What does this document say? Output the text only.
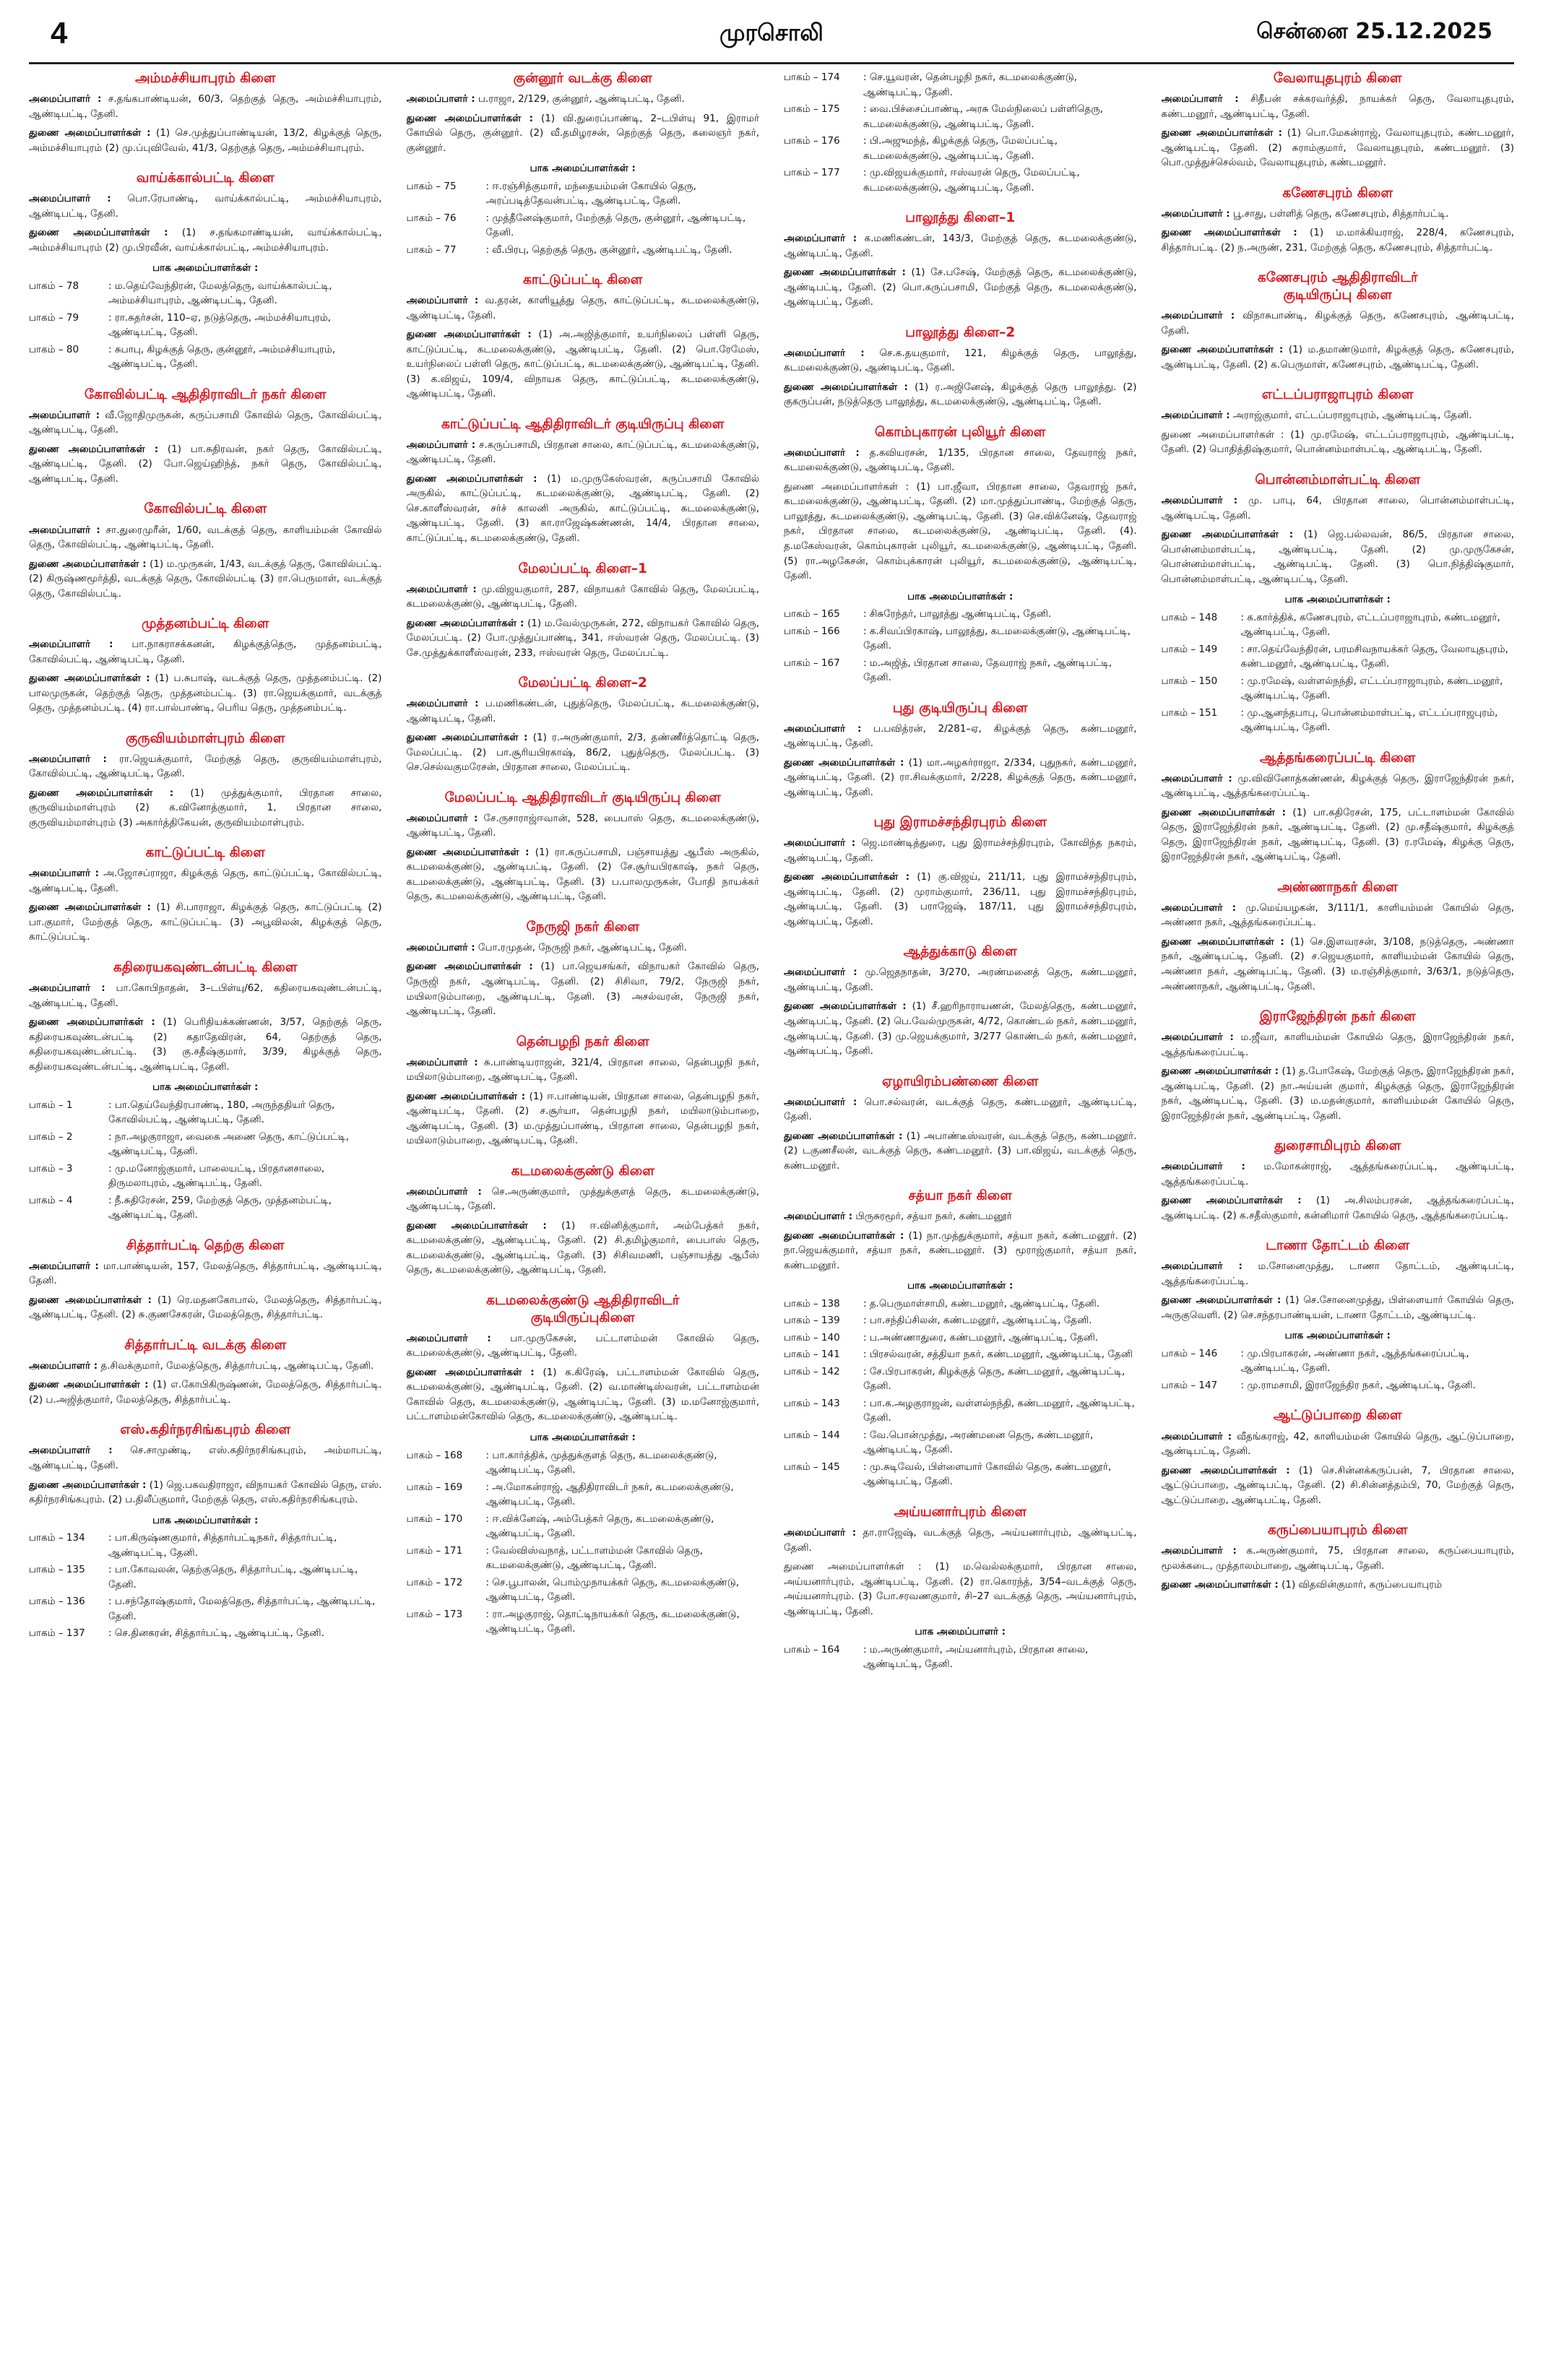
4	முரசொலி	சென்னை 25.12.2025
அம்மச்சியாபுரம் கிளை

அமைப்பாளர் : ச.தங்கபாண்டியன், 60/3, தெற்குத் தெரு, அம்மச்சியாபுரம், ஆண்டிபட்டி, தேனி.

துணை அமைப்பாளர்கள் : (1) செ.முத்துப்பாண்டியன், 13/2, கிழக்குத் தெரு, அம்மச்சியாபுரம் (2) மு.ப்புவிவேல், 41/3, தெற்குத் தெரு, அம்மச்சியாபுரம்.

வாய்க்கால்பட்டி கிளை

அமைப்பாளர் : பொ.ரேபாண்டி, வாய்க்கால்பட்டி, அம்மச்சியாபுரம், ஆண்டிபட்டி, தேனி.

துணை அமைப்பாளர்கள் : (1) ச.தங்கமாண்டியன், வாய்க்கால்பட்டி, அம்மச்சியாபுரம் (2) மு.பிரவீன், வாய்க்கால்பட்டி, அம்மச்சியாபுரம்.

பாக அமைப்பாளர்கள் :
பாகம் – 78	: ம.தெய்வேந்திரன், மேலத்தெரு, வாய்க்கால்பட்டி, அம்மச்சியாபுரம், ஆண்டிபட்டி, தேனி.
பாகம் – 79	: ரா.சுதர்சன், 110–ஏ, நடுத்தெரு, அம்மச்சியாபுரம், ஆண்டிபட்டி, தேனி.
பாகம் – 80	: சுபாபு, கிழக்குத் தெரு, குன்னூர், அம்மச்சியாபுரம், ஆண்டிபட்டி, தேனி.
கோவில்பட்டி ஆதிதிராவிடர் நகர் கிளை

அமைப்பாளர் : வீ.ஜோதிமுருகன், கருப்பசாமி கோவில் தெரு, கோவில்பட்டி, ஆண்டிபட்டி, தேனி.

துணை அமைப்பாளர்கள் : (1) பா.சுதிரவன், நகர் தெரு, கோவில்பட்டி, ஆண்டிபட்டி, தேனி. (2) போ.ஜெய்ஹிந்த், நகர் தெரு, கோவில்பட்டி, ஆண்டிபட்டி, தேனி.

கோவில்பட்டி கிளை

அமைப்பாளர் : சா.துரைமுரீன், 1/60, வடக்குத் தெரு, காளியம்மன் கோவில் தெரு, கோவில்பட்டி, ஆண்டிபட்டி, தேனி.

துணை அமைப்பாளர்கள் : (1) ம.முருகன், 1/43, வடக்குத் தெரு, கோவில்பட்டி. (2) கிருஷ்ணமூர்த்தி, வடக்குத் தெரு, கோவில்பட்டி (3) ரா.பெருமாள், வடக்குத் தெரு, கோவில்பட்டி.

முத்தனம்பட்டி கிளை

அமைப்பாளர் : பா.நாகராசக்கனன், கிழக்குத்தெரு, முத்தனம்பட்டி, கோவில்பட்டி, ஆண்டிபட்டி, தேனி.

துணை அமைப்பாளர்கள் : (1) ப.சுபாஷ், வடக்குத் தெரு, முத்தனம்பட்டி. (2) பாலமுருகன், தெற்குத் தெரு, முத்தனம்பட்டி. (3) ரா.ஜெயக்குமார், வடக்குத் தெரு, முத்தனம்பட்டி. (4) ரா.பால்பாண்டி, பெரிய தெரு, முத்தனம்பட்டி.

குருவியம்மாள்புரம் கிளை

அமைப்பாளர் : ரா.ஜெயக்குமார், மேற்குத் தெரு, குருவியம்மாள்புரம், கோவில்பட்டி, ஆண்டிபட்டி, தேனி.

துணை அமைப்பாளர்கள் : (1) முத்துக்குமார், பிரதான சாலை, குருவியம்மாள்புரம் (2) க.வினோத்குமார், 1, பிரதான சாலை, குருவியம்மாள்புரம் (3) அகார்த்திகேயன், குருவியம்மாள்புரம்.

காட்டுப்பட்டி கிளை

அமைப்பாளர் : அ.ஜோசப்ராஜா, கிழக்குத் தெரு, காட்டுப்பட்டி, கோவில்பட்டி, ஆண்டிபட்டி, தேனி.

துணை அமைப்பாளர்கள் : (1) சி.பாராஜா, கிழக்குத் தெரு, காட்டுப்பட்டி (2) பா.குமார், மேற்குத் தெரு, காட்டுப்பட்டி. (3) அபூவிலன், கிழக்குத் தெரு, காட்டுப்பட்டி.

கதிரையகவுண்டன்பட்டி கிளை

அமைப்பாளர் : பா.கோபிநாதன், 3–டபிள்யு/62, கதிரையகவுண்டன்பட்டி, ஆண்டிபட்டி, தேனி.

துணை அமைப்பாளர்கள் : (1) பெரிதியக்கண்ணன், 3/57, தெற்குத் தெரு, கதிரையகவுண்டன்பட்டி (2) கதாதேவிரன், 64, தெற்குத் தெரு, கதிரையகவுண்டன்பட்டி. (3) கு.சதீஷ்குமார், 3/39, கிழக்குத் தெரு, கதிரையகவுண்டன்பட்டி, ஆண்டிபட்டி, தேனி.

பாக அமைப்பாளர்கள் :
பாகம் – 1	: பா.தெய்வேந்திரபாண்டி, 180, அருந்ததியர் தெரு, கோவில்பட்டி, ஆண்டிபட்டி, தேனி.
பாகம் – 2	: நா.அழகுராஜா, வைகை அணை தெரு, காட்டுப்பட்டி, ஆண்டிபட்டி, தேனி.
பாகம் – 3	: மு.மனோஜ்குமார், பாலையட்டி, பிரதானசாலை, திருமலாபுரம், ஆண்டிபட்டி, தேனி.
பாகம் – 4	: நீ.சுதிரேசன், 259, மேற்குத் தெரு, முத்தனம்பட்டி, ஆண்டிபட்டி, தேனி.
சித்தார்பட்டி தெற்கு கிளை

அமைப்பாளர் : மா.பாண்டியன், 157, மேலத்தெரு, சித்தார்பட்டி, ஆண்டிபட்டி, தேனி.

துணை அமைப்பாளர்கள் : (1) ரெ.மதனகோபால், மேலத்தெரு, சித்தார்பட்டி, ஆண்டிபட்டி, தேனி. (2) சு.குணசேகரன், மேலத்தெரு, சித்தார்பட்டி.

சித்தார்பட்டி வடக்கு கிளை

அமைப்பாளர் : த.சிவக்குமார், மேலத்தெரு, சித்தார்பட்டி, ஆண்டிபட்டி, தேனி.

துணை அமைப்பாளர்கள் : (1) எ.கோபிகிருஷ்ணன், மேலத்தெரு, சித்தார்பட்டி. (2) ப.அஜித்குமார், மேலத்தெரு, சித்தார்பட்டி.

எஸ்.கதிர்நரசிங்கபுரம் கிளை

அமைப்பாளர் : செ.சாமுண்டி, எஸ்.கதிர்நரசிங்கபுரம், அம்மாபட்டி, ஆண்டிபட்டி, தேனி.

துணை அமைப்பாளர்கள் : (1) ஜெ.பகவதிராஜா, விநாயகர் கோவில் தெரு, எஸ். கதிர்நரசிங்கபுரம். (2) ப.திலீப்குமார், மேற்குத் தெரு, எஸ்.கதிர்நரசிங்கபுரம்.

பாக அமைப்பாளர்கள் :
பாகம் – 134	: பா.கிருஷ்ணகுமார், சித்தார்பட்டிநகர், சித்தார்பட்டி, ஆண்டிபட்டி, தேனி.
பாகம் – 135	: பா.கோவலன், தெற்குதெரு, சித்தார்பட்டி, ஆண்டிபட்டி, தேனி.
பாகம் – 136	: ப.சந்தோஷ்குமார், மேலத்தெரு, சித்தார்பட்டி, ஆண்டிபட்டி, தேனி.
பாகம் – 137	: செ.தினகரன், சித்தார்பட்டி, ஆண்டிபட்டி, தேனி.
குன்னூர் வடக்கு கிளை

அமைப்பாளர் : ப.ராஜா, 2/129, குன்னூர், ஆண்டிபட்டி, தேனி.

துணை அமைப்பாளர்கள் : (1) வி.துரைப்பாண்டி, 2–டபிள்யு 91, இராமர் கோயில் தெரு, குன்னூர். (2) வீ.தமிழரசன், தெற்குத் தெரு, கலைஞர் நகர், குன்னூர்.

பாக அமைப்பாளர்கள் :
பாகம் – 75	: ஈ.ரஞ்சித்குமார், மந்தையம்மன் கோயில் தெரு, அரப்படித்தேவன்பட்டி, ஆண்டிபட்டி, தேனி.
பாகம் – 76	: முத்தீனேஷ்குமார், மேற்குத் தெரு, குன்னூர், ஆண்டிபட்டி, தேனி.
பாகம் – 77	: வீ.பிரபு, தெற்குத் தெரு, குன்னூர், ஆண்டிபட்டி, தேனி.
காட்டுப்பட்டி கிளை

அமைப்பாளர் : வ.தரன், காளியூத்து தெரு, காட்டுப்பட்டி, கடமலைக்குண்டு, ஆண்டிபட்டி, தேனி.

துணை அமைப்பாளர்கள் : (1) அ.அஜித்குமார், உயர்நிலைப் பள்ளி தெரு, காட்டுப்பட்டி, கடமலைக்குண்டு, ஆண்டிபட்டி, தேனி. (2) பொ.ரேமேஸ், உயர்நிலைப் பள்ளி தெரு, காட்டுப்பட்டி, கடமலைக்குண்டு, ஆண்டிபட்டி, தேனி. (3) க.விஜய், 109/4, விநாயக தெரு, காட்டுப்பட்டி, கடமலைக்குண்டு, ஆண்டிபட்டி, தேனி.

காட்டுப்பட்டி ஆதிதிராவிடர் குடியிருப்பு கிளை

அமைப்பாளர் : ச.கருப்பசாமி, பிரதான சாலை, காட்டுப்பட்டி, கடமலைக்குண்டு, ஆண்டிபட்டி, தேனி.

துணை அமைப்பாளர்கள் : (1) ம.முருகேஸ்வரன், கருப்பசாமி கோவில் அருகில், காட்டுப்பட்டி, கடமலைக்குண்டு, ஆண்டிபட்டி, தேனி. (2) செ.காளீஸ்வரன், சர்ச் காலனி அருகில், காட்டுப்பட்டி, கடமலைக்குண்டு, ஆண்டிபட்டி, தேனி. (3) கா.ராஜேஷ்கண்ணன், 14/4, பிரதான சாலை, காட்டுப்பட்டி, கடமலைக்குண்டு, தேனி.

மேலப்பட்டி கிளை–1

அமைப்பாளர் : மு.விஜயகுமார், 287, விநாயகர் கோவில் தெரு, மேலப்பட்டி, கடமலைக்குண்டு, ஆண்டிபட்டி, தேனி.

துணை அமைப்பாளர்கள் : (1) ம.வேல்முருகன், 272, விநாயகர் கோவில் தெரு, மேலப்பட்டி. (2) போ.முத்துப்பாண்டி, 341, ஈஸ்வரன் தெரு, மேலப்பட்டி. (3) சே.முத்துக்காளீஸ்வரன், 233, ஈஸ்வரன் தெரு, மேலப்பட்டி.

மேலப்பட்டி கிளை–2

அமைப்பாளர் : ப.மணிகண்டன், புதுத்தெரு, மேலப்பட்டி, கடமலைக்குண்டு, ஆண்டிபட்டி, தேனி.

துணை அமைப்பாளர்கள் : (1) ர.அருண்குமார், 2/3, தண்ணீர்த்தொட்டி தெரு, மேலப்பட்டி. (2) பா.சூரியபிரகாஷ், 86/2, புதுத்தெரு, மேலப்பட்டி. (3) செ.செல்வகுமரேசன், பிரதான சாலை, மேலப்பட்டி.

மேலப்பட்டி ஆதிதிராவிடர் குடியிருப்பு கிளை

அமைப்பாளர் : சே.ருசாராஜ்ஈவான், 528, பைபாஸ் தெரு, கடமலைக்குண்டு, ஆண்டிபட்டி, தேனி.

துணை அமைப்பாளர்கள் : (1) ரா.கருப்பசாமி, பஞ்சாயத்து ஆபீஸ் அருகில், கடமலைக்குண்டு, ஆண்டிபட்டி, தேனி. (2) சே.சூர்யபிரகாஷ், நகர் தெரு, கடமலைக்குண்டு, ஆண்டிபட்டி, தேனி. (3) ப.பாலமுருகன், போதி நாயக்கர் தெரு, கடமலைக்குண்டு, ஆண்டிபட்டி, தேனி.

நேருஜி நகர் கிளை

அமைப்பாளர் : போ.ரமுதன், நேருஜி நகர், ஆண்டிபட்டி, தேனி.

துணை அமைப்பாளர்கள் : (1) பா.ஜெயசங்கர், விநாயகர் கோவில் தெரு, நேருஜி நகர், ஆண்டிபட்டி, தேனி. (2) சிசிவா, 79/2, நேருஜி நகர், மயிலாடும்பாறை, ஆண்டிபட்டி, தேனி. (3) அசல்வரன், நேருஜி நகர், ஆண்டிபட்டி, தேனி.

தென்பழநி நகர் கிளை

அமைப்பாளர் : சு.பாண்டியராஜன், 321/4, பிரதான சாலை, தென்பழநி நகர், மயிலாடும்பாறை, ஆண்டிபட்டி, தேனி.

துணை அமைப்பாளர்கள் : (1) ஈ.பாண்டியன், பிரதான சாலை, தென்பழநி நகர், ஆண்டிபட்டி, தேனி. (2) ச.சூர்யா, தென்பழநி நகர், மயிலாடும்பாறை, ஆண்டிபட்டி, தேனி. (3) ம.முத்துப்பாண்டி, பிரதான சாலை, தென்பழநி நகர், மயிலாடும்பாறை, ஆண்டிபட்டி, தேனி.

கடமலைக்குண்டு கிளை

அமைப்பாளர் : செ.அருண்குமார், முத்துக்குளத் தெரு, கடமலைக்குண்டு, ஆண்டிபட்டி, தேனி.

துணை அமைப்பாளர்கள் : (1) ஈ.வினித்குமார், அம்பேத்கர் நகர், கடமலைக்குண்டு, ஆண்டிபட்டி, தேனி. (2) சி.தமிழ்குமார், பைபாஸ் தெரு, கடமலைக்குண்டு, ஆண்டிபட்டி, தேனி. (3) சிசிவமணி, பஞ்சாயத்து ஆபீஸ் தெரு, கடமலைக்குண்டு, ஆண்டிபட்டி, தேனி.

கடமலைக்குண்டு ஆதிதிராவிடர்
குடியிருப்புகிளை

அமைப்பாளர் : பா.முருகேசன், பட்டாளம்மன் கோவில் தெரு, கடமலைக்குண்டு, ஆண்டிபட்டி, தேனி.

துணை அமைப்பாளர்கள் : (1) க.கிரேஷ், பட்டாளம்மன் கோவில் தெரு, கடமலைக்குண்டு, ஆண்டிபட்டி, தேனி. (2) வ.மாண்டிஸ்வரன், பட்டாளம்மன் கோவில் தெரு, கடமலைக்குண்டு, ஆண்டிபட்டி, தேனி. (3) ம.மனோஜ்குமார், பட்டாளம்மன்கோவில் தெரு, கடமலைக்குண்டு, ஆண்டிபட்டி.

பாக அமைப்பாளர்கள் :
பாகம் – 168	: பா.கார்த்திக், முத்துக்குளத் தெரு, கடமலைக்குண்டு, ஆண்டிபட்டி, தேனி.
பாகம் – 169	: அ.மோகன்ராஜ், ஆதிதிராவிடர் நகர், கடமலைக்குண்டு, ஆண்டிபட்டி, தேனி.
பாகம் – 170	: ஈ.விக்னேஷ், அம்பேத்கர் தெரு, கடமலைக்குண்டு, ஆண்டிபட்டி, தேனி.
பாகம் – 171	: வேல்விஸ்வநாத், பட்டாளம்மன் கோவில் தெரு, கடமலைக்குண்டு, ஆண்டிபட்டி, தேனி.
பாகம் – 172	: செ.பூபாலன், பொம்முநாயக்கர் தெரு, கடமலைக்குண்டு, ஆண்டிபட்டி, தேனி.
பாகம் – 173	: ரா.அழகுராஜ், தொட்டிநாயக்கர் தெரு, கடமலைக்குண்டு, ஆண்டிபட்டி, தேனி.
பாகம் – 174	: செ.யூவரன், தென்பழநி நகர், கடமலைக்குண்டு, ஆண்டிபட்டி, தேனி.
பாகம் – 175	: வை.பிச்சைப்பாண்டி, அரசு மேல்நிலைப் பள்ளிதெரு, கடமலைக்குண்டு, ஆண்டிபட்டி, தேனி.
பாகம் – 176	: பி.அஜுமந்த், கிழக்குத் தெரு, மேலப்பட்டி, கடமலைக்குண்டு, ஆண்டிபட்டி, தேனி.
பாகம் – 177	: மு.விஜயக்குமார், ஈஸ்வரன் தெரு, மேலப்பட்டி, கடமலைக்குண்டு, ஆண்டிபட்டி, தேனி.
பாலூத்து கிளை–1

அமைப்பாளர் : க.மணிகண்டன், 143/3, மேற்குத் தெரு, கடமலைக்குண்டு, ஆண்டிபட்டி, தேனி.

துணை அமைப்பாளர்கள் : (1) சே.பசேஷ், மேற்குத் தெரு, கடமலைக்குண்டு, ஆண்டிபட்டி, தேனி. (2) பொ.கருப்பசாமி, மேற்குத் தெரு, கடமலைக்குண்டு, ஆண்டிபட்டி, தேனி.

பாலூத்து கிளை–2

அமைப்பாளர் : செ.க.தயகுமார், 121, கிழக்குத் தெரு, பாலூத்து, கடமலைக்குண்டு, ஆண்டிபட்டி, தேனி.

துணை அமைப்பாளர்கள் : (1) ர.அஜினேஷ், கிழக்குத் தெரு பாலூத்து. (2) குகருப்பன், நடுத்தெரு பாலூத்து, கடமலைக்குண்டு, ஆண்டிபட்டி, தேனி.

கொம்புகாரன் புலியூர் கிளை

அமைப்பாளர் : த.கவியரசன், 1/135, பிரதான சாலை, தேவராஜ் நகர், கடமலைக்குண்டு, ஆண்டிபட்டி, தேனி.

துணை அமைப்பாளர்கள் : (1) பா.ஜீவா, பிரதான சாலை, தேவராஜ் நகர், கடமலைக்குண்டு, ஆண்டிபட்டி, தேனி. (2) மா.முத்துப்பாண்டி, மேற்குத் தெரு, பாலூத்து, கடமலைக்குண்டு, ஆண்டிபட்டி, தேனி. (3) செ.விக்னேஷ், தேவராஜ் நகர், பிரதான சாலை, கடமலைக்குண்டு, ஆண்டிபட்டி, தேனி. (4). த.மகேஸ்வரன், கொம்புகாரன் புலியூர், கடமலைக்குண்டு, ஆண்டிபட்டி, தேனி. (5) ரா.அழகேசன், கொம்புக்காரன் புலியூர், கடமலைக்குண்டு, ஆண்டிபட்டி, தேனி.

பாக அமைப்பாளர்கள் :
பாகம் – 165	: சிசுரேந்தர், பாலூத்து ஆண்டிபட்டி, தேனி.
பாகம் – 166	: க.சிவப்பிரகாஷ், பாலூத்து, கடமலைக்குண்டு, ஆண்டிபட்டி, தேனி.
பாகம் – 167	: ம.அஜித், பிரதான சாலை, தேவராஜ் நகர், ஆண்டிபட்டி, தேனி.
புது குடியிருப்பு கிளை

அமைப்பாளர் : ப.பவித்ரன், 2/281–ஏ, கிழக்குத் தெரு, கண்டமனூர், ஆண்டிபட்டி, தேனி.

துணை அமைப்பாளர்கள் : (1) மா.அழகர்ராஜா, 2/334, புதுநகர், கண்டமனூர், ஆண்டிபட்டி, தேனி. (2) ரா.சிவக்குமார், 2/228, கிழக்குத் தெரு, கண்டமனூர், ஆண்டிபட்டி, தேனி.

புது இராமச்சந்திரபுரம் கிளை

அமைப்பாளர் : ஜெ.மாண்டித்துரை, புது இராமச்சந்திரபுரம், கோவிந்த நகரம், ஆண்டிபட்டி, தேனி.

துணை அமைப்பாளர்கள் : (1) கு.விஜய், 211/11, புது இராமச்சந்திரபுரம், ஆண்டிபட்டி, தேனி. (2) முராம்குமார், 236/11, புது இராமச்சந்திரபுரம், ஆண்டிபட்டி, தேனி. (3) பராஜேஷ், 187/11, புது இராமச்சந்திரபுரம், ஆண்டிபட்டி, தேனி.

ஆத்துக்காடு கிளை

அமைப்பாளர் : மு.ஜெதநாதன், 3/270, அரண்மனைத் தெரு, கண்டமனூர், ஆண்டிபட்டி, தேனி.

துணை அமைப்பாளர்கள் : (1) சீ.ஹரிநாராயணன், மேலத்தெரு, கண்டமனூர், ஆண்டிபட்டி, தேனி. (2) பெ.வேல்முருகன், 4/72, கொண்டல் நகர், கண்டமனூர், ஆண்டிபட்டி, தேனி. (3) மு.ஜெயக்குமார், 3/277 கொண்டல் நகர், கண்டமனூர், ஆண்டிபட்டி, தேனி.

ஏழாயிரம்பண்ணை கிளை

அமைப்பாளர் : பொ.சல்வரன், வடக்குத் தெரு, கண்டமனூர், ஆண்டிபட்டி, தேனி.

துணை அமைப்பாளர்கள் : (1) அபாண்டீஸ்வரன், வடக்குத் தெரு, கண்டமனூர். (2) டகுணசீலன், வடக்குத் தெரு, கண்டமனூர். (3) பா.விஜய், வடக்குத் தெரு, கண்டமனூர்.

சத்யா நகர் கிளை

அமைப்பாளர் : பிருசுரமூர், சத்யா நகர், கண்டமனூர்

துணை அமைப்பாளர்கள் : (1) நா.முத்துக்குமார், சத்யா நகர், கண்டமனூர். (2) நா.ஜெயக்குமார், சத்யா நகர், கண்டமனூர். (3) மூராஜ்குமார், சத்யா நகர், கண்டமனூர்.

பாக அமைப்பாளர்கள் :
பாகம் – 138	: த.பெருமாள்சாமி, கண்டமனூர், ஆண்டிபட்டி, தேனி.
பாகம் – 139	: பா.சந்திப்சிலன், கண்டமனூர், ஆண்டிபட்டி, தேனி.
பாகம் – 140	: ப.அண்ணாதுரை, கண்டமனூர், ஆண்டிபட்டி, தேனி.
பாகம் – 141	: பிரசல்வரன், சத்தியா நகர், கண்டமனூர், ஆண்டிபட்டி, தேனி
பாகம் – 142	: சே.பிரபாகரன், கிழக்குத் தெரு, கண்டமனூர், ஆண்டிபட்டி, தேனி.
பாகம் – 143	: பா.க.அழகுராஜன், வள்ளல்நந்தி, கண்டமனூர், ஆண்டிபட்டி, தேனி.
பாகம் – 144	: வே.பொன்முத்து, அரண்மனை தெரு, கண்டமனூர், ஆண்டிபட்டி, தேனி.
பாகம் – 145	: மு.சுடிவேல், பிள்ளையார் கோவில் தெரு, கண்டமனூர், ஆண்டிபட்டி, தேனி.
அய்யனார்புரம் கிளை

அமைப்பாளர் : தா.ராஜேஷ், வடக்குத் தெரு, அய்யனார்புரம், ஆண்டிபட்டி, தேனி.

துணை அமைப்பாளர்கள் : (1) ம.வெல்லக்குமார், பிரதான சாலை, அய்யனார்புரம், ஆண்டிபட்டி, தேனி. (2) ரா.கொரந்த், 3/54–வடக்குத் தெரு, அய்யனார்புரம். (3) போ.சரவணகுமார், சி–27 வடக்குத் தெரு, அய்யனார்புரம், ஆண்டிபட்டி, தேனி.

பாக அமைப்பாளர் :
பாகம் – 164	: ம.அருண்குமார், அய்யனார்புரம், பிரதான சாலை, ஆண்டிபட்டி, தேனி.
வேலாயுதபுரம் கிளை

அமைப்பாளர் : சிதீபன் சக்கரவர்த்தி, நாயக்கர் தெரு, வேலாயுதபுரம், கண்டமனூர், ஆண்டிபட்டி, தேனி.

துணை அமைப்பாளர்கள் : (1) பொ.மேகன்ராஜ், வேலாயுதபுரம், கண்டமனூர், ஆண்டிபட்டி, தேனி. (2) சுராம்குமார், வேலாயுதபுரம், கண்டமனூர். (3) பொ.முத்துச்செல்வம், வேலாயுதபுரம், கண்டமனூர்.

கணேசபுரம் கிளை

அமைப்பாளர் : பூ.சாது, பள்ளித் தெரு, கணேசபுரம், சித்தார்பட்டி.

துணை அமைப்பாளர்கள் : (1) ம.மாக்கியராஜ், 228/4, கணேசபுரம், சித்தார்பட்டி. (2) ந.அருண், 231, மேற்குத் தெரு, கணேசபுரம், சித்தார்பட்டி.

கணேசபுரம் ஆதிதிராவிடர்
குடியிருப்பு கிளை

அமைப்பாளர் : விநாசுபாண்டி, கிழக்குத் தெரு, கணேசபுரம், ஆண்டிபட்டி, தேனி.

துணை அமைப்பாளர்கள் : (1) ம.தமாண்டுமார், கிழக்குத் தெரு, கணேசபுரம், ஆண்டிபட்டி, தேனி. (2) க.பெருமாள், கணேசபுரம், ஆண்டிபட்டி, தேனி.

எட்டப்பராஜாபுரம் கிளை

அமைப்பாளர் : அராஜ்குமார், எட்டப்பராஜாபுரம், ஆண்டிபட்டி, தேனி.

துணை அமைப்பாளர்கள் : (1) மு.ரமேஷ், எட்டப்பராஜாபுரம், ஆண்டிபட்டி, தேனி. (2) பொதித்திஷ்குமார், பொன்னம்மாள்பட்டி, ஆண்டிபட்டி, தேனி.

பொன்னம்மாள்பட்டி கிளை

அமைப்பாளர் : மு. பாபு, 64, பிரதான சாலை, பொன்னம்மாள்பட்டி, ஆண்டிபட்டி, தேனி.

துணை அமைப்பாளர்கள் : (1) ஜெ.பல்லவன், 86/5, பிரதான சாலை, பொன்னம்மாள்பட்டி, ஆண்டிபட்டி, தேனி. (2) மு.முருகேசன், பொன்னம்மாள்பட்டி, ஆண்டிபட்டி, தேனி. (3) பொ.நித்திஷ்குமார், பொன்னம்மாள்பட்டி, ஆண்டிபட்டி, தேனி.

பாக அமைப்பாளர்கள் :
பாகம் – 148	: க.கார்த்திக், கணேசபுரம், எட்டப்பராஜாபுரம், கண்டமனூர், ஆண்டிபட்டி, தேனி.
பாகம் – 149	: சா.தெய்வேந்திரன், பரமசிவநாயக்கர் தெரு, வேலாயுதபுரம், கண்டமனூர், ஆண்டிபட்டி, தேனி.
பாகம் – 150	: மு.ரமேஷ், வள்ளல்நந்தி, எட்டப்பராஜாபுரம், கண்டமனூர், ஆண்டிபட்டி, தேனி.
பாகம் – 151	: மு.ஆனந்தபாபு, பொன்னம்மாள்பட்டி, எட்டப்பராஜபுரம், ஆண்டிபட்டி, தேனி.
ஆத்தங்கரைப்பட்டி கிளை

அமைப்பாளர் : மு.விவினோத்கண்ணன், கிழக்குத் தெரு, இராஜேந்திரன் நகர், ஆண்டிபட்டி, ஆத்தங்கரைப்பட்டி.

துணை அமைப்பாளர்கள் : (1) பா.கதிரேசன், 175, பட்டாளம்மன் கோவில் தெரு, இராஜேந்திரன் நகர், ஆண்டிபட்டி, தேனி. (2) மு.சதீஷ்குமார், கிழக்குத் தெரு, இராஜேந்திரன் நகர், ஆண்டிபட்டி, தேனி. (3) ர.ரமேஷ், கிழக்கு தெரு, இராஜேந்திரன் நகர், ஆண்டிபட்டி, தேனி.

அண்ணாநகர் கிளை

அமைப்பாளர் : மு.மெய்யழகன், 3/111/1, காளியம்மன் கோயில் தெரு, அண்ணா நகர், ஆத்தங்கரைப்பட்டி.

துணை அமைப்பாளர்கள் : (1) செ.இளவரசன், 3/108, நடுத்தெரு, அண்ணா நகர், ஆண்டிபட்டி, தேனி. (2) ச.ஜெயகுமார், காளியம்மன் கோயில் தெரு, அண்ணா நகர், ஆண்டிபட்டி, தேனி. (3) ம.ரஞ்சித்குமார், 3/63/1, நடுத்தெரு, அண்ணாநகர், ஆண்டிபட்டி, தேனி.

இராஜேந்திரன் நகர் கிளை

அமைப்பாளர் : ம.ஜீவா, காளியம்மன் கோயில் தெரு, இராஜேந்திரன் நகர், ஆத்தங்கரைப்பட்டி.

துணை அமைப்பாளர்கள் : (1) த.போகேஷ், மேற்குத் தெரு, இராஜேந்திரன் நகர், ஆண்டிபட்டி, தேனி. (2) நா.அய்யன் குமார், கிழக்குத் தெரு, இராஜேந்திரன் நகர், ஆண்டிபட்டி, தேனி. (3) ம.மதன்குமார், காளியம்மன் கோயில் தெரு, இராஜேந்திரன் நகர், ஆண்டிபட்டி, தேனி.

துரைசாமிபுரம் கிளை

அமைப்பாளர் : ம.மோகன்ராஜ், ஆத்தங்கரைப்பட்டி, ஆண்டிபட்டி, ஆத்தங்கரைப்பட்டி.

துணை அமைப்பாளர்கள் : (1) அ.சிலம்பரசன், ஆத்தங்கரைப்பட்டி, ஆண்டிபட்டி. (2) க.சதீஸ்குமார், கன்னிமார் கோயில் தெரு, ஆத்தங்கரைப்பட்டி.

டாணா தோட்டம் கிளை

அமைப்பாளர் : ம.சோனைமுத்து, டாணா தோட்டம், ஆண்டிபட்டி, ஆத்தங்கரைப்பட்டி.

துணை அமைப்பாளர்கள் : (1) செ.சோனைமுத்து, பிள்ளையார் கோயில் தெரு, அருகுவெளி. (2) செ.சந்தரபாண்டியன், டாணா தோட்டம், ஆண்டிபட்டி.

பாக அமைப்பாளர்கள் :
பாகம் – 146	: மு.பிரபாகரன், அண்ணா நகர், ஆத்தங்கரைப்பட்டி, ஆண்டிபட்டி, தேனி.
பாகம் – 147	: மு.ராமசாமி, இராஜேந்திர நகர், ஆண்டிபட்டி, தேனி.
ஆட்டுப்பாறை கிளை

அமைப்பாளர் : வீதங்கராஜ், 42, காளியம்மன் கோயில் தெரு, ஆட்டுப்பாறை, ஆண்டிபட்டி, தேனி.

துணை அமைப்பாளர்கள் : (1) செ.சின்னக்கருப்பன், 7, பிரதான சாலை, ஆட்டுப்பாறை, ஆண்டிபட்டி, தேனி. (2) சி.சின்னத்தம்பி, 70, மேற்குத் தெரு, ஆட்டுப்பாறை, ஆண்டிபட்டி, தேனி.

கருப்பையாபுரம் கிளை

அமைப்பாளர் : க.அருண்குமார், 75, பிரதான சாலை, கருப்பையாபுரம், மூலக்கடை, முத்தாலம்பாறை, ஆண்டிபட்டி, தேனி.

துணை அமைப்பாளர்கள் : (1) விதவின்குமார், கருப்பையாபுரம்
